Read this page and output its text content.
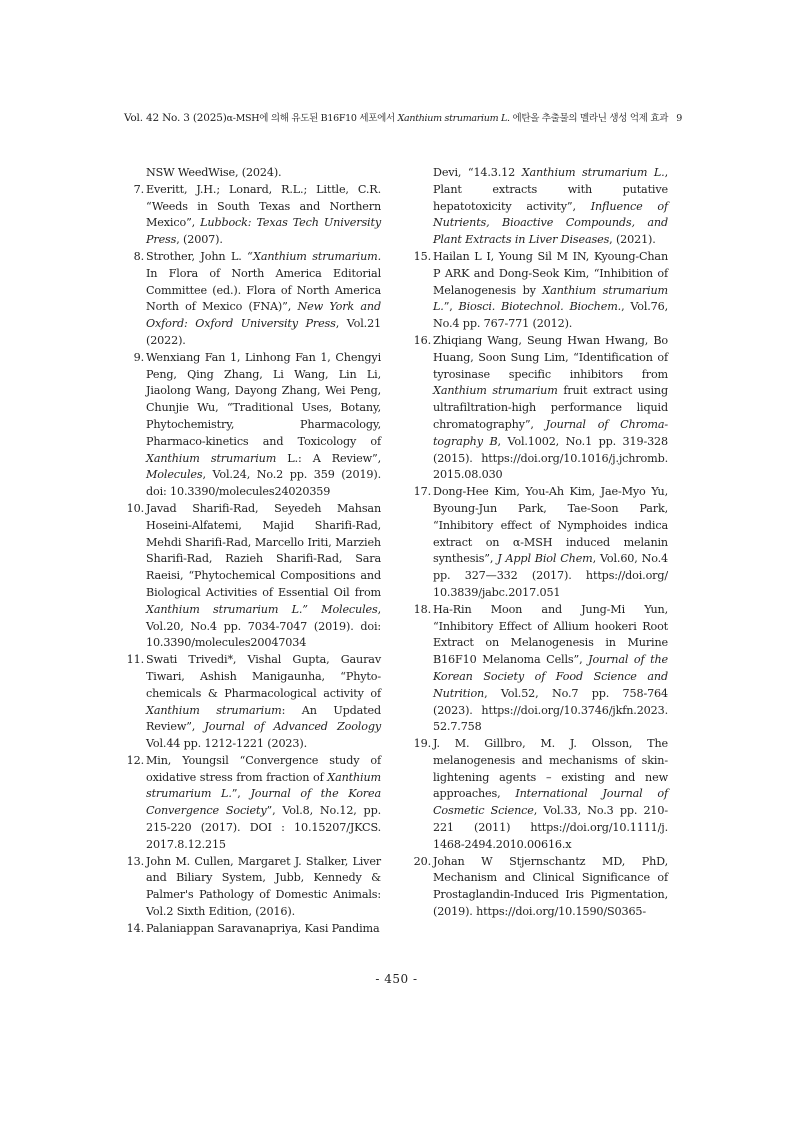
Vol. 42 No. 3 (2025) α-MSH에 의해 유도된 B16F10 세포에서 Xanthium strumarium L. 에탄올 추출물의 멜라닌 생성 억제 효과 9
NSW WeedWise, (2024).
7. Everitt, J.H.; Lonard, R.L.; Little, C.R. “Weeds in South Texas and Northern Mexico”, Lubbock: Texas Tech University Press, (2007).
8. Strother, John L. “Xanthium strumarium. In Flora of North America Editorial Committee (ed.). Flora of North America North of Mexico (FNA)”, New York and Oxford: Oxford University Press, Vol.21 (2022).
9. Wenxiang Fan 1, Linhong Fan 1, Chengyi Peng, Qing Zhang, Li Wang, Lin Li, Jiaolong Wang, Dayong Zhang, Wei Peng, Chunjie Wu, “Traditional Uses, Botany, Phytochemistry, Pharmacology, Pharmaco-kinetics and Toxicology of Xanthium strumarium L.: A Review”, Molecules, Vol.24, No.2 pp. 359 (2019). doi: 10.3390/molecules24020359
10. Javad Sharifi-Rad, Seyedeh Mahsan Hoseini-Alfatemi, Majid Sharifi-Rad, Mehdi Sharifi-Rad, Marcello Iriti, Marzieh Sharifi-Rad, Razieh Sharifi-Rad, Sara Raeisi, “Phytochemical Compositions and Biological Activities of Essential Oil from Xanthium strumarium L.” Molecules, Vol.20, No.4 pp. 7034-7047 (2019). doi: 10.3390/molecules20047034
11. Swati Trivedi*, Vishal Gupta, Gaurav Tiwari, Ashish Manigaunha, “Phyto-chemicals & Pharmacological activity of Xanthium strumarium: An Updated Review”, Journal of Advanced Zoology Vol.44 pp. 1212-1221 (2023).
12. Min, Youngsil “Convergence study of oxidative stress from fraction of Xanthium strumarium L.”, Journal of the Korea Convergence Society”, Vol.8, No.12, pp. 215-220 (2017). DOI : 10.15207/JKCS. 2017.8.12.215
13. John M. Cullen, Margaret J. Stalker, Liver and Biliary System, Jubb, Kennedy & Palmer's Pathology of Domestic Animals: Vol.2 Sixth Edition, (2016).
14. Palaniappan Saravanapriya, Kasi Pandima
Devi, “14.3.12 Xanthium strumarium L., Plant extracts with putative hepatotoxicity activity”, Influence of Nutrients, Bioactive Compounds, and Plant Extracts in Liver Diseases, (2021).
15. Hailan L I, Young Sil M IN, Kyoung-Chan P ARK and Dong-Seok Kim, “Inhibition of Melanogenesis by Xanthium strumarium L.”, Biosci. Biotechnol. Biochem., Vol.76, No.4 pp. 767-771 (2012).
16. Zhiqiang Wang, Seung Hwan Hwang, Bo Huang, Soon Sung Lim, “Identification of tyrosinase specific inhibitors from Xanthium strumarium fruit extract using ultrafiltration-high performance liquid chromatography”, Journal of Chroma-tography B, Vol.1002, No.1 pp. 319-328 (2015). https://doi.org/10.1016/j.jchromb. 2015.08.030
17. Dong-Hee Kim, You-Ah Kim, Jae-Myo Yu, Byoung-Jun Park, Tae-Soon Park, “Inhibitory effect of Nymphoides indica extract on α-MSH induced melanin synthesis”, J Appl Biol Chem, Vol.60, No.4 pp. 327—332 (2017). https://doi.org/ 10.3839/jabc.2017.051
18. Ha-Rin Moon and Jung-Mi Yun, “Inhibitory Effect of Allium hookeri Root Extract on Melanogenesis in Murine B16F10 Melanoma Cells”, Journal of the Korean Society of Food Science and Nutrition, Vol.52, No.7 pp. 758-764 (2023). https://doi.org/10.3746/jkfn.2023. 52.7.758
19. J. M. Gillbro, M. J. Olsson, The melanogenesis and mechanisms of skin-lightening agents – existing and new approaches, International Journal of Cosmetic Science, Vol.33, No.3 pp. 210-221 (2011) https://doi.org/10.1111/j. 1468-2494.2010.00616.x
20. Johan W Stjernschantz MD, PhD, Mechanism and Clinical Significance of Prostaglandin-Induced Iris Pigmentation, (2019). https://doi.org/10.1590/S0365-
- 450 -
